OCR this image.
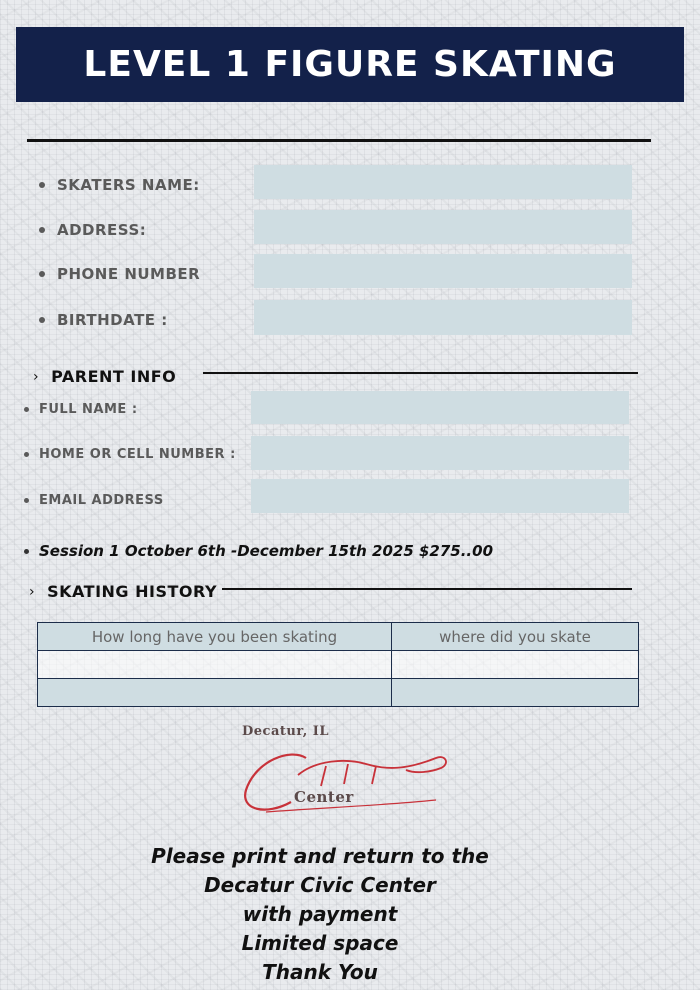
LEVEL 1 FIGURE SKATING
SKATERS NAME:
ADDRESS:
PHONE NUMBER
BIRTHDATE :
› PARENT INFO
FULL NAME :
HOME OR CELL NUMBER :
EMAIL ADDRESS
Session 1 October 6th -December 15th 2025 $275..00
› SKATING HISTORY
How long have you been skating	where did you skate

Decatur, IL
Center
Please print and return to the
Decatur Civic Center
with payment
Limited space
Thank You
